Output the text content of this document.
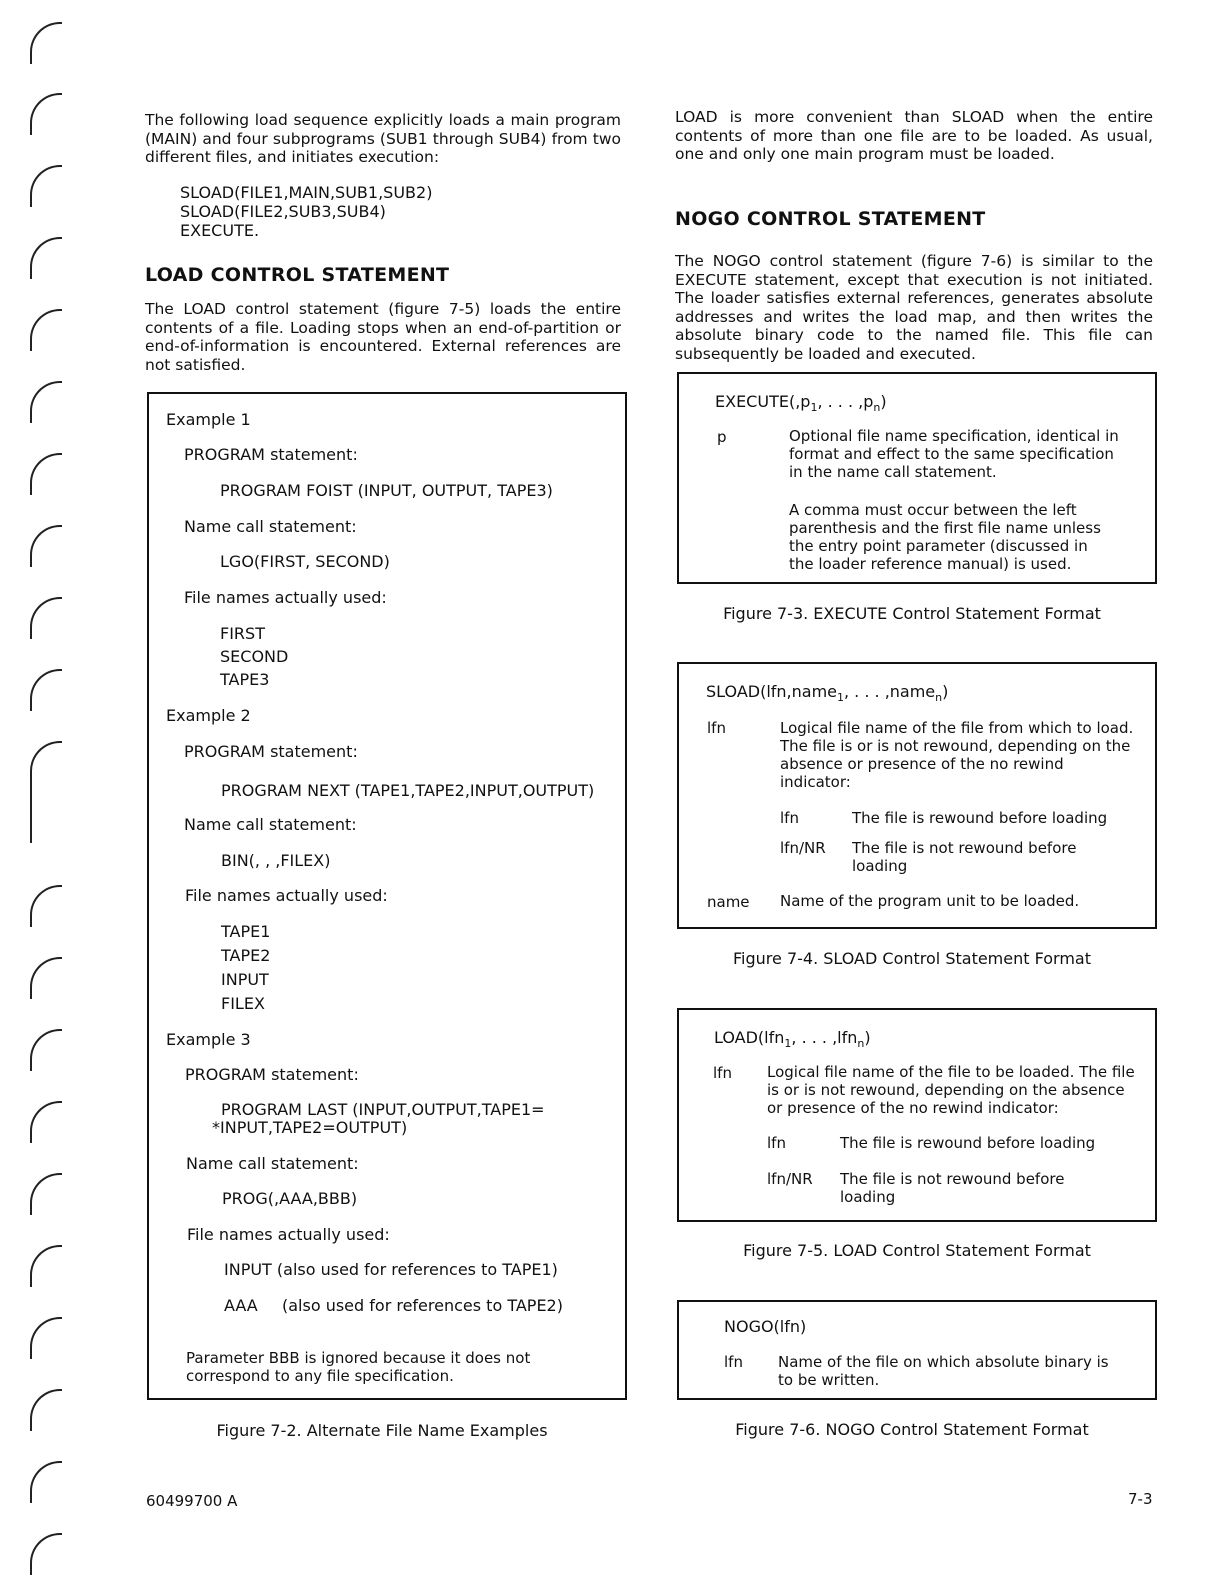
The following load sequence explicitly loads a main program (MAIN) and four subprograms (SUB1 through SUB4) from two different files, and initiates execution:

SLOAD(FILE1,MAIN,SUB1,SUB2)
SLOAD(FILE2,SUB3,SUB4)
EXECUTE.
LOAD CONTROL STATEMENT

The LOAD control statement (figure 7-5) loads the entire contents of a file. Loading stops when an end-of-partition or end-of-information is encountered. External references are not satisfied.

Example 1
PROGRAM statement:
PROGRAM FOIST (INPUT, OUTPUT, TAPE3)
Name call statement:
LGO(FIRST, SECOND)
File names actually used:
FIRST
SECOND
TAPE3
Example 2
PROGRAM statement:
PROGRAM NEXT (TAPE1,TAPE2,INPUT,OUTPUT)
Name call statement:
BIN(, , ,FILEX)
File names actually used:
TAPE1
TAPE2
INPUT
FILEX
Example 3
PROGRAM statement:
PROGRAM LAST (INPUT,OUTPUT,TAPE1=
*INPUT,TAPE2=OUTPUT)
Name call statement:
PROG(,AAA,BBB)
File names actually used:
INPUT (also used for references to TAPE1)
AAA (also used for references to TAPE2)
Parameter BBB is ignored because it does not correspond to any file specification.
Figure 7-2. Alternate File Name Examples

LOAD is more convenient than SLOAD when the entire contents of more than one file are to be loaded. As usual, one and only one main program must be loaded.

NOGO CONTROL STATEMENT

The NOGO control statement (figure 7-6) is similar to the EXECUTE statement, except that execution is not initiated. The loader satisfies external references, generates absolute addresses and writes the load map, and then writes the absolute binary code to the named file. This file can subsequently be loaded and executed.

$EXECUTE(,p_1$, . . . $,p_n$)
p	Optional file name specification, identical in format and effect to the same specification in the name call statement.
A comma must occur between the left parenthesis and the first file name unless the entry point parameter (discussed in the loader reference manual) is used.
Figure 7-3. EXECUTE Control Statement Format
SLOAD(lfn,name$_1$, . . . ,name$_n$)
lfn	Logical file name of the file from which to load. The file is or is not rewound, depending on the absence or presence of the no rewind indicator:
lfn	The file is rewound before loading
lfn/NR The file is not rewound before loading
name Name of the program unit to be loaded.
Figure 7-4. SLOAD Control Statement Format
LOAD(lfn$_1$, . . . ,lfn$_n$)
lfn Logical file name of the file to be loaded. The file is or is not rewound, depending on the absence or presence of the no rewind indicator:
lfn	The file is rewound before loading
lfn/NR The file is not rewound before loading
Figure 7-5. LOAD Control Statement Format
NOGO(lfn)
lfn Name of the file on which absolute binary is to be written.
Figure 7-6. NOGO Control Statement Format
60499700 A	7-3
